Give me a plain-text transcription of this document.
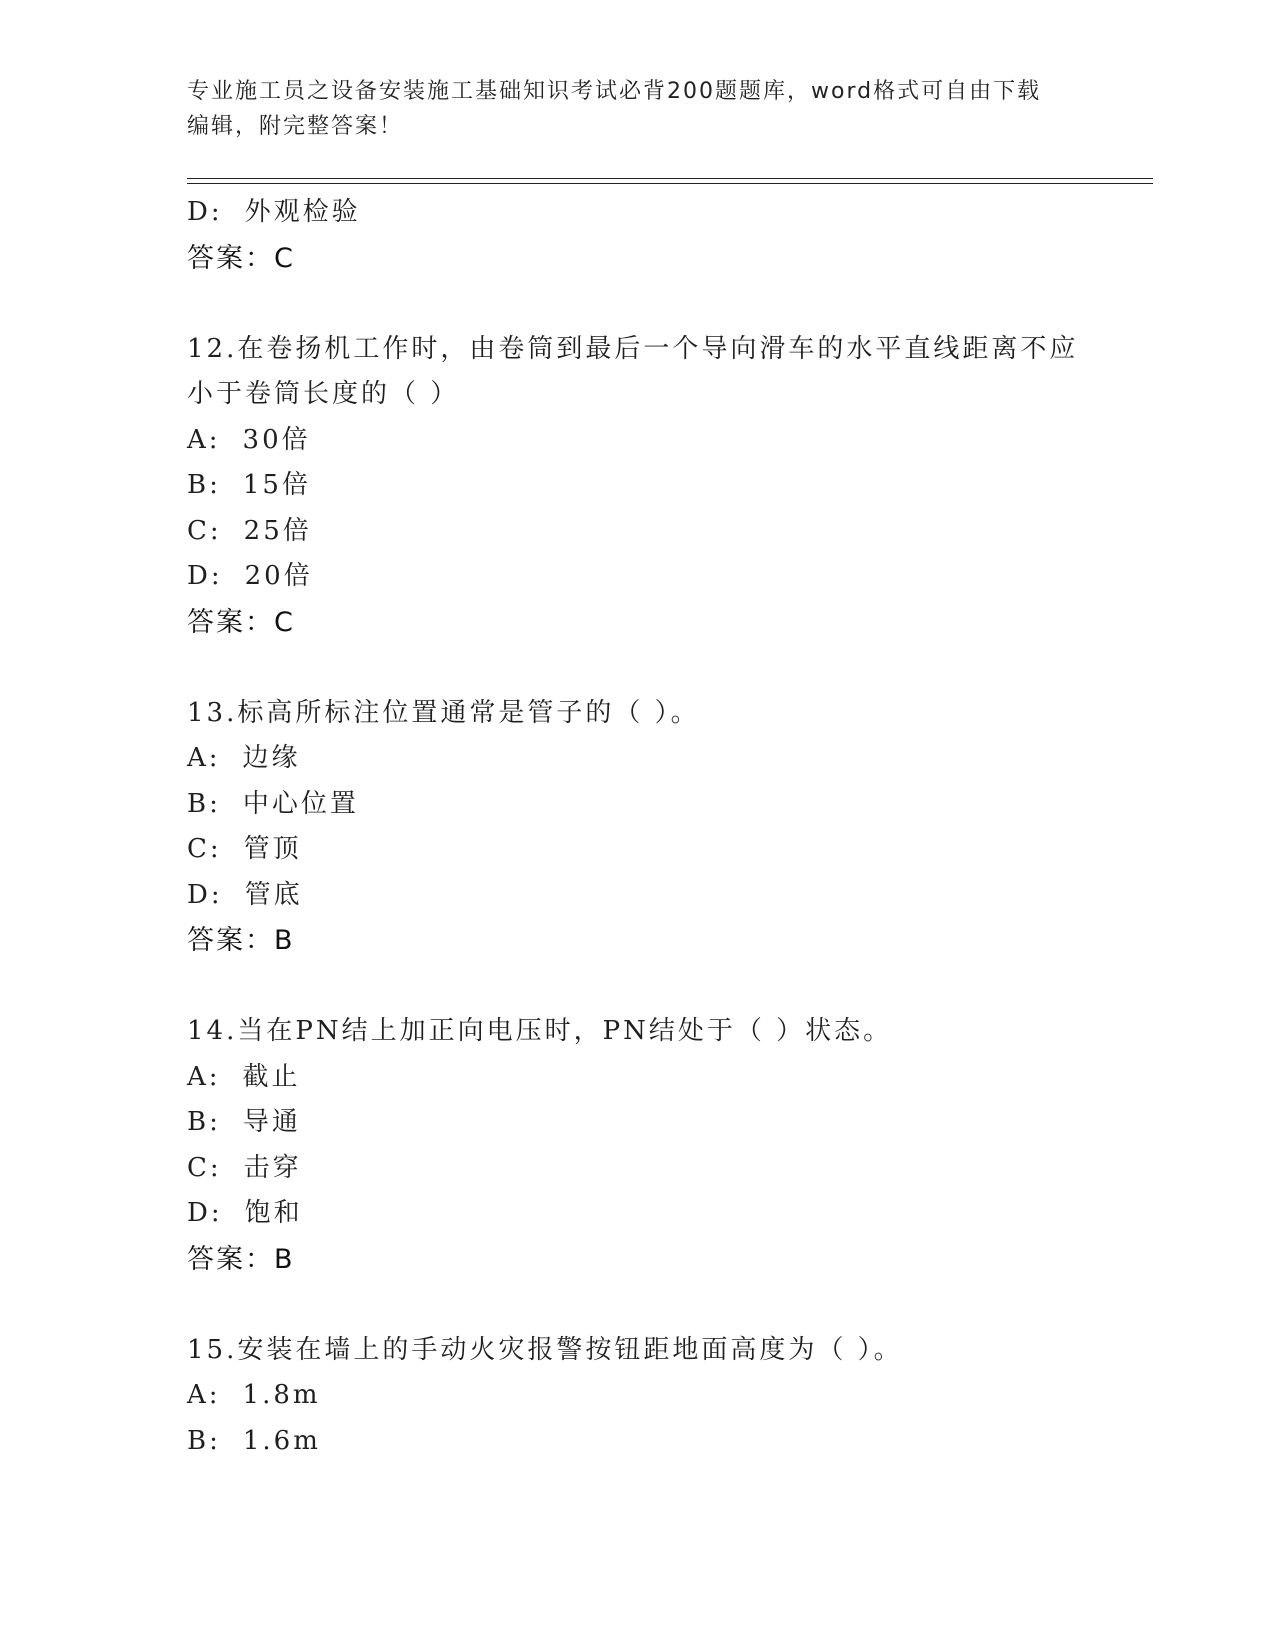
专业施工员之设备安装施工基础知识考试必背200题题库，word格式可自由下载
编辑，附完整答案！
D: 外观检验
答案：C
12.在卷扬机工作时，由卷筒到最后一个导向滑车的水平直线距离不应
小于卷筒长度的（ ）
A: 30倍
B: 15倍
C: 25倍
D: 20倍
答案：C
13.标高所标注位置通常是管子的（ ）。
A: 边缘
B: 中心位置
C: 管顶
D: 管底
答案：B
14.当在PN结上加正向电压时，PN结处于（ ）状态。
A: 截止
B: 导通
C: 击穿
D: 饱和
答案：B
15.安装在墙上的手动火灾报警按钮距地面高度为（ ）。
A: 1.8m
B: 1.6m
